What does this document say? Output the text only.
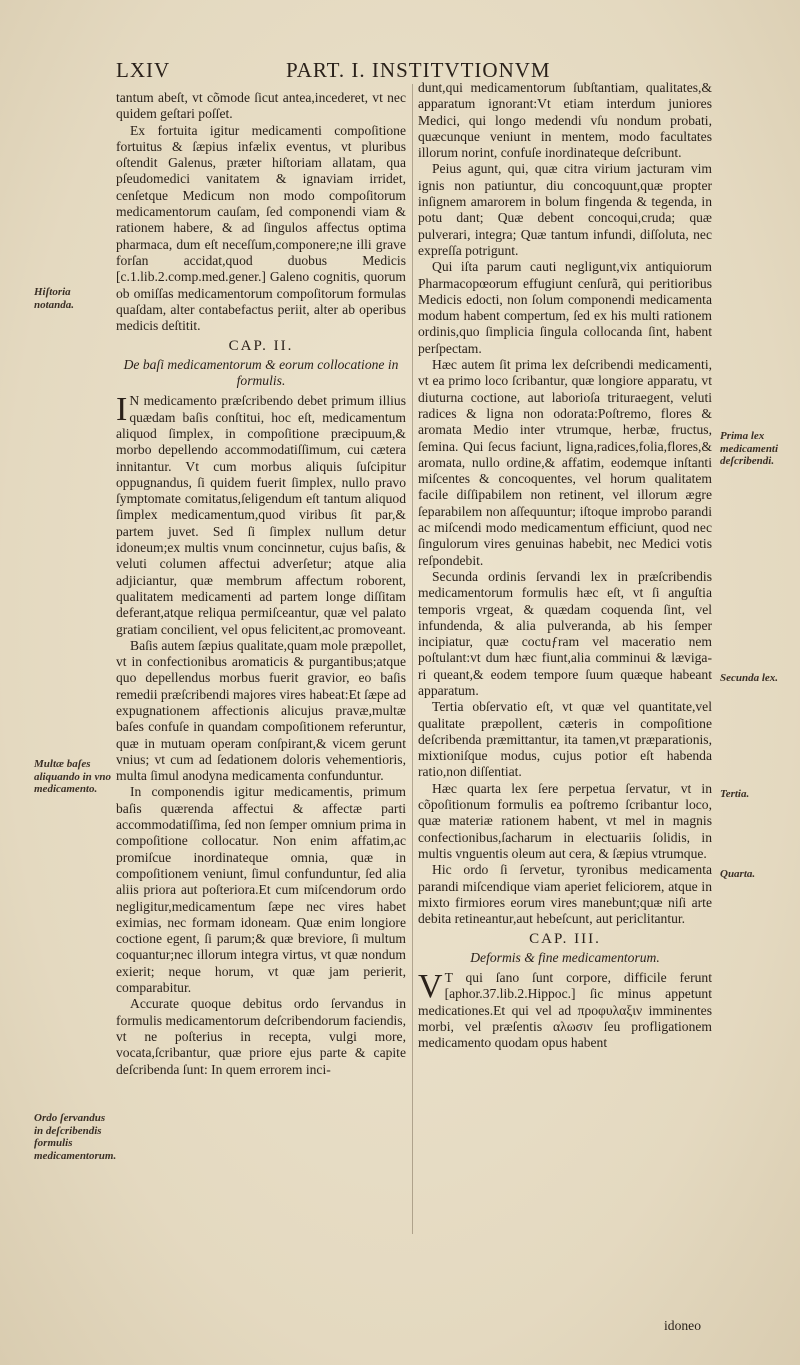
LXIV	PART. I. INSTITVTIONVM

tantum abeſt, vt cõmode ſicut antea,incederet, vt nec quidem geſtari poſſet.

Ex fortuita igitur medicamenti compoſitione fortuitus & ſæpius infælix eventus, vt pluribus oſtendit Galenus, præter hiſtoriam allatam, qua pſeudomedici vanitatem & ignaviam irridet, cenſetque Medicum non modo compoſitorum medicamentorum cauſam, ſed componendi viam & rationem habere, & ad ſingulos affectus optima pharmaca, dum eſt neceſſum,componere;ne illi grave forſan accidat,quod duobus Medicis [c.1.lib.2.comp.med.gener.] Galeno cognitis, quorum ob omiſſas medicamentorum compoſitorum formulas quaſdam, alter contabefactus periit, alter ab operibus medicis deſtitit.

CAP. II.
De baſi medicamentorum & eorum collocatione in formulis.

I N medicamento præſcribendo debet primum illius quædam baſis conſtitui, hoc eſt, medicamentum aliquod ſimplex, in compoſitione præcipuum,& morbo depellendo accommodatiſſimum, cui cætera innitantur. Vt cum morbus aliquis ſuſcipitur oppugnandus, ſi quidem fuerit ſimplex, nullo pravo ſymptomate comitatus,ſeligendum eſt tantum aliquod ſimplex medicamentum,quod viribus ſit par,& partem juvet. Sed ſi ſimplex nullum detur idoneum;ex multis vnum concinnetur, cujus baſis, & veluti columen affectui adverſetur; atque alia adjiciantur, quæ membrum affectum roborent, qualitatem medicamenti ad partem longe diſſitam deferant,atque reliqua permiſceantur, quæ vel palato gratiam concilient, vel opus felicitent,ac promoveant.

Baſis autem ſæpius qualitate,quam mole præpollet, vt in confectionibus aromaticis & purgantibus;atque quo depellendus morbus fuerit gravior, eo baſis remedii præſcribendi majores vires habeat:Et ſæpe ad expugnationem affectionis alicujus pravæ,multæ baſes confuſe in quandam compoſitionem referuntur, quæ in mutuam operam conſpirant,& vicem gerunt vnius; vt cum ad ſedationem doloris vehementioris, multa ſimul anodyna medicamenta confunduntur.

In componendis igitur medicamentis, primum baſis quærenda affectui & affectæ parti accommodatiſſima, ſed non ſemper omnium prima in compoſitione collocatur. Non enim affatim,ac promiſcue inordinateque omnia, quæ in compoſitionem veniunt, ſimul confunduntur, ſed alia aliis priora aut poſteriora.Et cum miſcendorum ordo negligitur,medicamentum ſæpe nec vires habet eximias, nec formam idoneam. Quæ enim longiore coctione egent, ſi parum;& quæ breviore, ſi multum coquantur;nec illorum integra virtus, vt quæ nondum exierit; neque horum, vt quæ jam perierit, comparabitur.

Accurate quoque debitus ordo ſervandus in formulis medicamentorum deſcribendorum faciendis, vt ne poſterius in recepta, vulgi more, vocata,ſcribantur, quæ priore ejus parte & capite deſcribenda ſunt: In quem errorem inci-

dunt,qui medicamentorum ſubſtantiam, qualitates,& apparatum ignorant:Vt etiam interdum juniores Medici, qui longo medendi vſu nondum probati, quæcunque veniunt in mentem, modo facultates illorum norint, confuſe inordinateque deſcribunt.

Peius agunt, qui, quæ citra virium jacturam vim ignis non patiuntur, diu concoquunt,quæ propter inſignem amarorem in bolum fingenda & tegenda, in potu dant; Quæ debent concoqui,cruda; quæ pulverari, integra; Quæ tantum infundi, diſſoluta, nec expreſſa potrigunt.

Qui iſta parum cauti negligunt,vix antiquiorum Pharmacopœorum effugiunt cenſurã, qui peritioribus Medicis edocti, non ſolum componendi medicamenta modum habent compertum, ſed ex his multi rationem ordinis,quo ſimplicia ſingula collocanda ſint, habent perſpectam.

Hæc autem ſit prima lex deſcribendi medicamenti, vt ea primo loco ſcribantur, quæ longiore apparatu, vt diuturna coctione, aut laborioſa trituraegent, veluti radices & ligna non odorata:Poſtremo, flores & aromata Medio inter vtrumque, herbæ, fructus, ſemina. Qui ſecus faciunt, ligna,radices,folia,flores,& aromata, nullo ordine,& affatim, eodemque inſtanti miſcentes & concoquentes, vel horum qualitatem facile diſſipabilem non retinent, vel illorum ægre ſeparabilem non aſſequuntur; iſtoque improbo parandi ac miſcendi modo medicamentum efficiunt, quod nec ſingulorum vires genuinas habebit, nec Medici votis reſpondebit.

Secunda ordinis ſervandi lex in præſcribendis medicamentorum formulis hæc eſt, vt ſi anguſtia temporis vrgeat, & quædam coquenda ſint, vel infundenda, & alia pulveranda, ab his ſemper incipiatur, quæ coctuƒram vel maceratio nem poſtulant:vt dum hæc fiunt,alia comminui & læviga- ri queant,& eodem tempore ſuum quæque habeant apparatum.

Tertia obſervatio eſt, vt quæ vel quantitate,vel qualitate præpollent, cæteris in compoſitione deſcribenda præmittantur, ita tamen,vt præparationis, mixtioniſque modus, cujus potior eſt habenda ratio,non diſſentiat.

Hæc quarta lex ſere perpetua ſervatur, vt in cõpoſitionum formulis ea poſtremo ſcribantur loco, quæ materiæ rationem habent, vt mel in magnis confectionibus,ſacharum in electuariis ſolidis, in multis vnguentis oleum aut cera, & ſæpius vtrumque.

Hic ordo ſi ſervetur, tyronibus medicamenta parandi miſcendique viam aperiet feliciorem, atque in mixto firmiores eorum vires manebunt;quæ niſi arte debita retineantur,aut hebeſcunt, aut periclitantur.

CAP. III.
Deformis & fine medicamentorum.

V T qui ſano ſunt corpore, difficile ferunt [aphor.37.lib.2.Hippoc.] ſic minus appetunt medicationes.Et qui vel ad προφυλαξιν imminentes morbi, vel præſentis αλωσιν ſeu profligationem medicamento quodam opus habent

idoneo
Hiſtoria notanda.
Multæ baſes aliquando in vno medicamento.
Ordo ſervandus in deſcribendis formulis medicamentorum.
Prima lex medicamenti deſcribendi.
Secunda lex.
Tertia.
Quarta.
